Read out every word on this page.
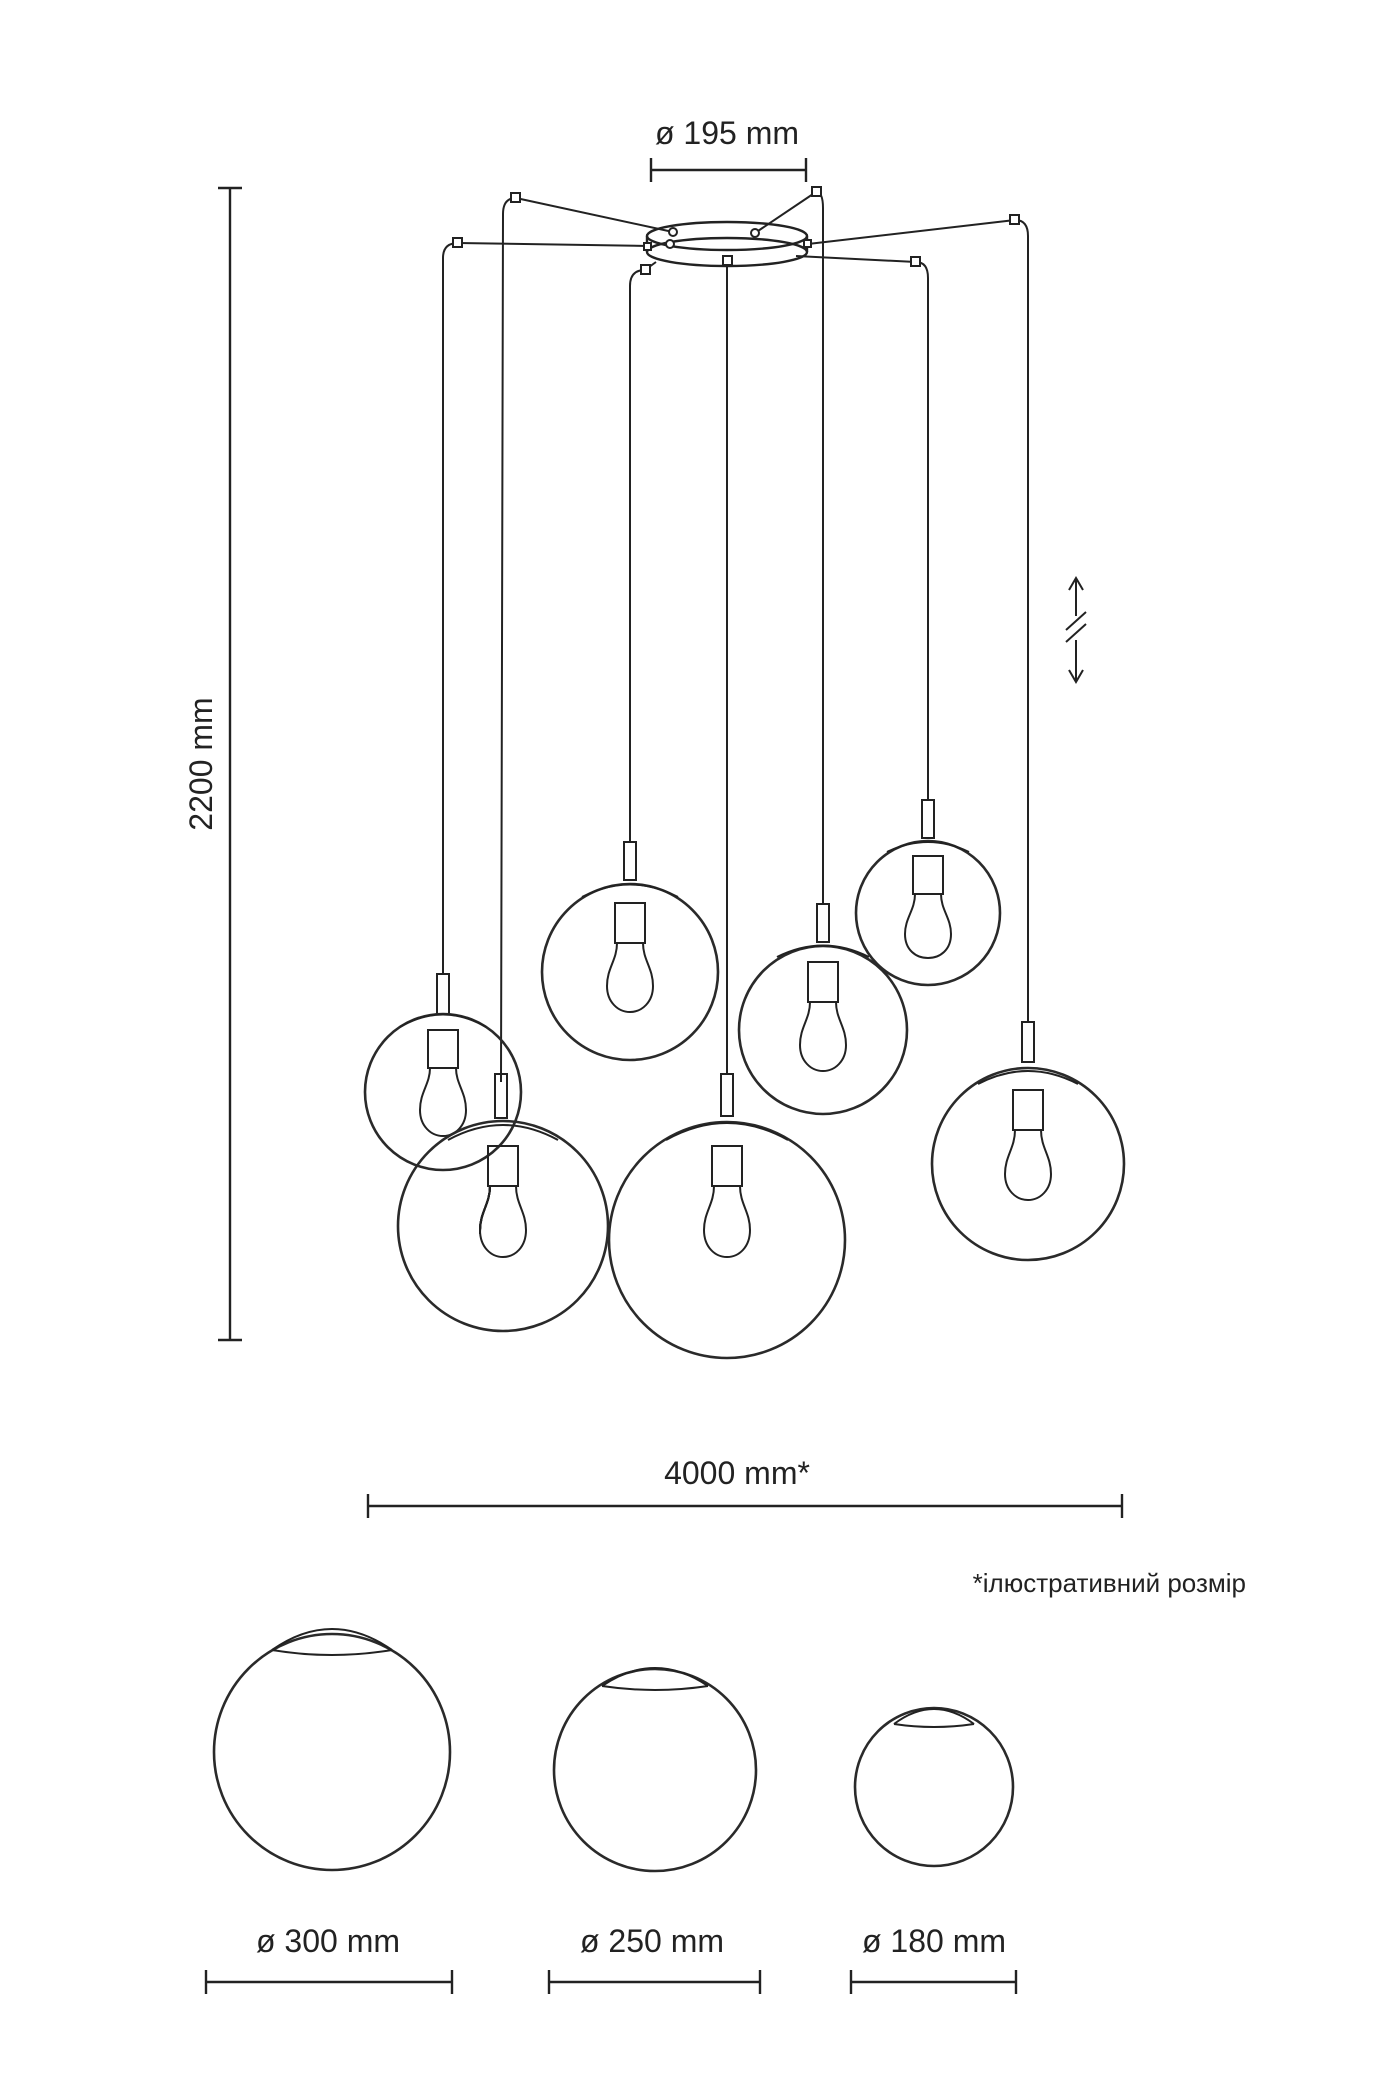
ø 195 mm
2200 mm
4000 mm*
*ілюстративний розмір
ø 300 mm	ø 250 mm	ø 180 mm
